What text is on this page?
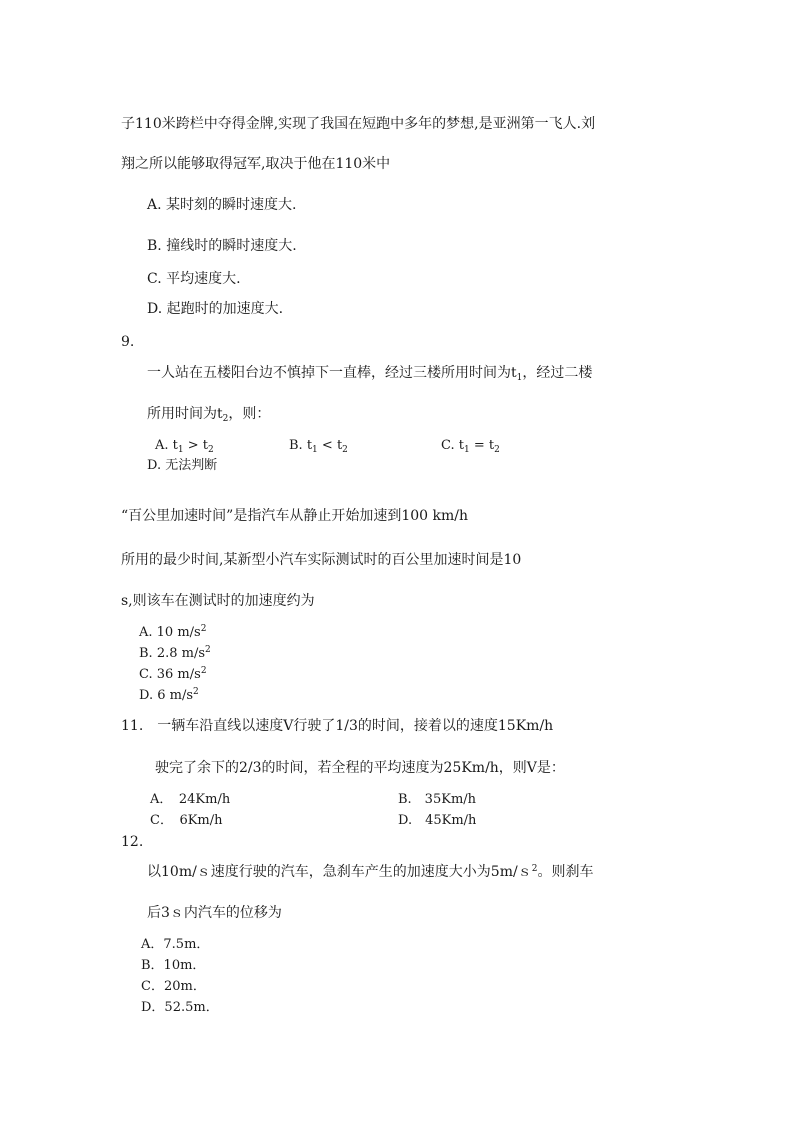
子110米跨栏中夺得金牌,实现了我国在短跑中多年的梦想,是亚洲第一飞人.刘
翔之所以能够取得冠军,取决于他在110米中
A. 某时刻的瞬时速度大.
B. 撞线时的瞬时速度大.
C. 平均速度大.
D. 起跑时的加速度大.
9.
一人站在五楼阳台边不慎掉下一直棒，经过三楼所用时间为$t_1$，经过二楼
所用时间为$t_2$，则：
A. $t_1 > t_2$	B. $t_1 < t_2$	C. $t_1 = t_2$
D. 无法判断
“百公里加速时间”是指汽车从静止开始加速到100 km/h
所用的最少时间,某新型小汽车实际测试时的百公里加速时间是10
s,则该车在测试时的加速度约为
A. 10 $m/s^2$
B. 2.8 $m/s^2$
C. 36 $m/s^2$
D. 6 $m/s^2$
11.　一辆车沿直线以速度V行驶了1/3的时间，接着以的速度15Km/h
驶完了余下的2/3的时间，若全程的平均速度为25Km/h，则V是：
A．　24Km/h	B.　35Km/h
C．　6Km/h	D.　45Km/h
12.
以10m/ｓ速度行驶的汽车，急刹车产生的加速度大小为5m/ｓ$^2$。则刹车
后3ｓ内汽车的位移为
A．7.5m．
B．10m．
C．20m．
D．52.5m．
